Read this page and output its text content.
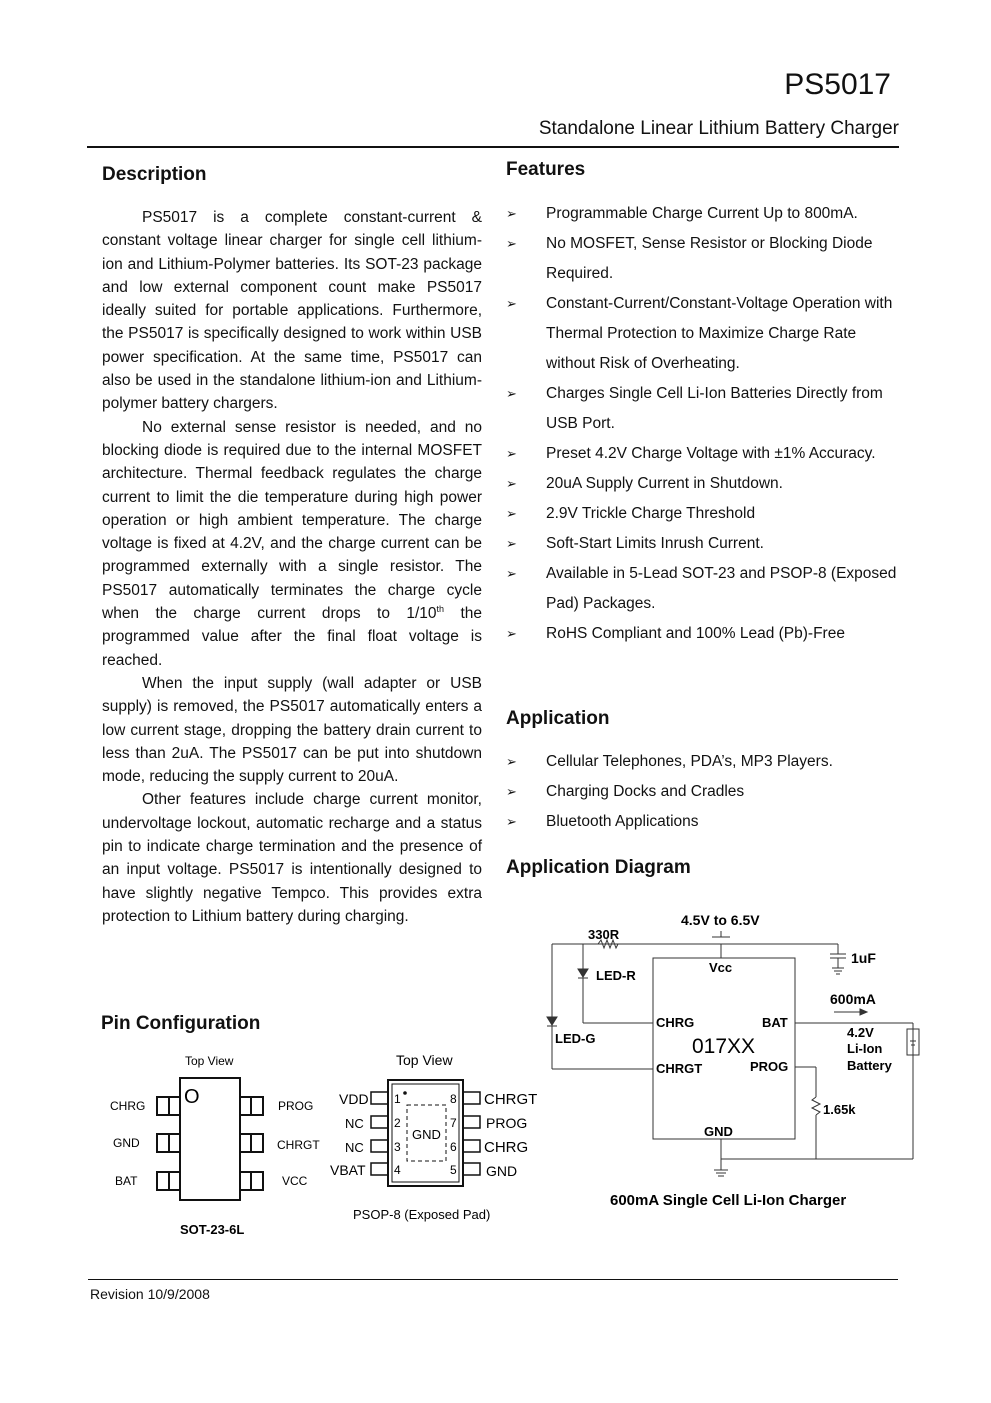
PS5017
Standalone Linear Lithium Battery Charger
Description

PS5017 is a complete constant-current & constant voltage linear charger for single cell lithium-ion and Lithium-Polymer batteries. Its SOT-23 package and low external component count make PS5017 ideally suited for portable applications. Furthermore, the PS5017 is specifically designed to work within USB power specification. At the same time, PS5017 can also be used in the standalone lithium-ion and Lithium-polymer battery chargers.

No external sense resistor is needed, and no blocking diode is required due to the internal MOSFET architecture. Thermal feedback regulates the charge current to limit the die temperature during high power operation or high ambient temperature. The charge voltage is fixed at 4.2V, and the charge current can be programmed externally with a single resistor. The PS5017 automatically terminates the charge cycle when the charge current drops to 1/10th the programmed value after the final float voltage is reached.

When the input supply (wall adapter or USB supply) is removed, the PS5017 automatically enters a low current stage, dropping the battery drain current to less than 2uA. The PS5017 can be put into shutdown mode, reducing the supply current to 20uA.

Other features include charge current monitor, undervoltage lockout, automatic recharge and a status pin to indicate charge termination and the presence of an input voltage. PS5017 is intentionally designed to have slightly negative Tempco. This provides extra protection to Lithium battery during charging.

Features
➢ Programmable Charge Current Up to 800mA.
➢ No MOSFET, Sense Resistor or Blocking Diode Required.
➢ Constant-Current/Constant-Voltage Operation with Thermal Protection to Maximize Charge Rate without Risk of Overheating.
➢ Charges Single Cell Li-Ion Batteries Directly from USB Port.
➢ Preset 4.2V Charge Voltage with ±1% Accuracy.
➢ 20uA Supply Current in Shutdown.
➢ 2.9V Trickle Charge Threshold
➢ Soft-Start Limits Inrush Current.
➢ Available in 5-Lead SOT-23 and PSOP-8 (Exposed Pad) Packages.
➢ RoHS Compliant and 100% Lead (Pb)-Free
Application
➢ Cellular Telephones, PDA’s, MP3 Players.
➢ Charging Docks and Cradles
➢ Bluetooth Applications
Application Diagram
4.5V to 6.5V
330R
1uF
LED-R
LED-G
Vcc
CHRG	BAT
017XX
CHRGT	PROG
GND
600mA
4.2V
Li-Ion
Battery
1.65k
600mA Single Cell Li-Ion Charger
Pin Configuration
Top View
O
CHRG
GND
BAT
PROG
CHRGT
VCC
SOT-23-6L
Top View
GND
1
2
3
4
8
7
6
5
VDD
NC
NC
VBAT
CHRGT
PROG
CHRG
GND
PSOP-8 (Exposed Pad)
Revision 10/9/2008
